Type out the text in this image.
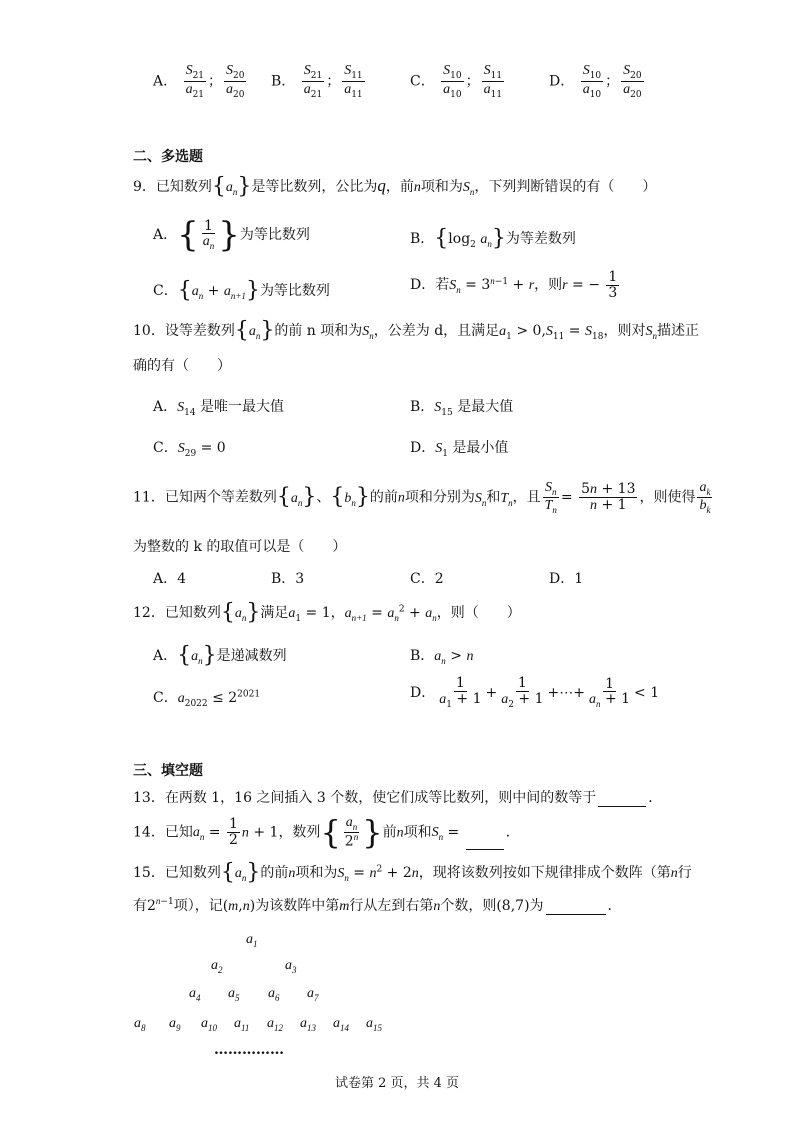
A． $\frac{S_{21}}{a_{21}}$ ； $\frac{S_{20}}{a_{20}}$ B． $\frac{S_{21}}{a_{21}}$ ； $\frac{S_{11}}{a_{11}}$	C． $\frac{S_{10}}{a_{10}}$ ； $\frac{S_{11}}{a_{11}}$	D． $\frac{S_{10}}{a_{10}}$ ； $\frac{S_{20}}{a_{20}}$
二、多选题
9．已知数列$\{a_n\}$是等比数列，公比为q，前n项和为$S_n$，下列判断错误的有（　　）
A．{ $\frac{1}{a_n}$ }为等比数列	B．{$\log_2$ $a_n$}为等差数列
C．$\{a_n + a_{n+1}\}$为等比数列	D．若$S_n = 3^{n-1} + r$，则r = − $\frac{1}{3}$
10．设等差数列$\{a_n\}$的前 n 项和为$S_n$，公差为 d，且满足$a_1 > 0,S_{11} = S_{18}$，则对$S_n$描述正
确的有（　　）
A．$S_{14}$ 是唯一最大值	B．$S_{15}$ 是最大值
C．$S_{29} = 0$	D．$S_1$ 是最小值
11．已知两个等差数列$\{a_n\}$、$\{b_n\}$的前n项和分别为$S_n$和$T_n$，且 $\frac{S_n}{T_n} = \frac{5n + 13}{n + 1}$ ，则使得 $\frac{a_k}{b_k}$
为整数的 k 的取值可以是（　　）
A．4	B．3	C．2	D．1
12．已知数列$\{a_n\}$满足$a_1 = 1$，$a_{n+1} = a_n^2 + a_n$，则（　　）
A．$\{a_n\}$是递减数列	B．$a_n > n$
C．$a_{2022} \le 2^{2021}$	D． $\frac{1}{a_1 + 1} + \frac{1}{a_2 + 1}$ +⋯+ $\frac{1}{a_n + 1} < 1$
三、填空题
13．在两数 1，16 之间插入 3 个数，使它们成等比数列，则中间的数等于	．
14．已知$a_n = \frac{1}{2}$ n + 1，数列{ $\frac{a_n}{2^n}$ }前n项和$S_n$ =	．
15．已知数列$\{a_n\}$的前n项和为$S_n = n^2 + 2n$，现将该数列按如下规律排成个数阵（第n行
有$2^{n-1}$项），记(m,n)为该数阵中第m行从左到右第n个数，则(8,7)为	．
$a_1$
$a_2$	$a_3$
$a_4$ $a_5$ $a_6$ $a_7$
$a_8$ $a_9$ $a_{10}$ $a_{11}$ $a_{12}$ $a_{13}$ $a_{14}$ $a_{15}$
……………
试卷第 2 页，共 4 页
